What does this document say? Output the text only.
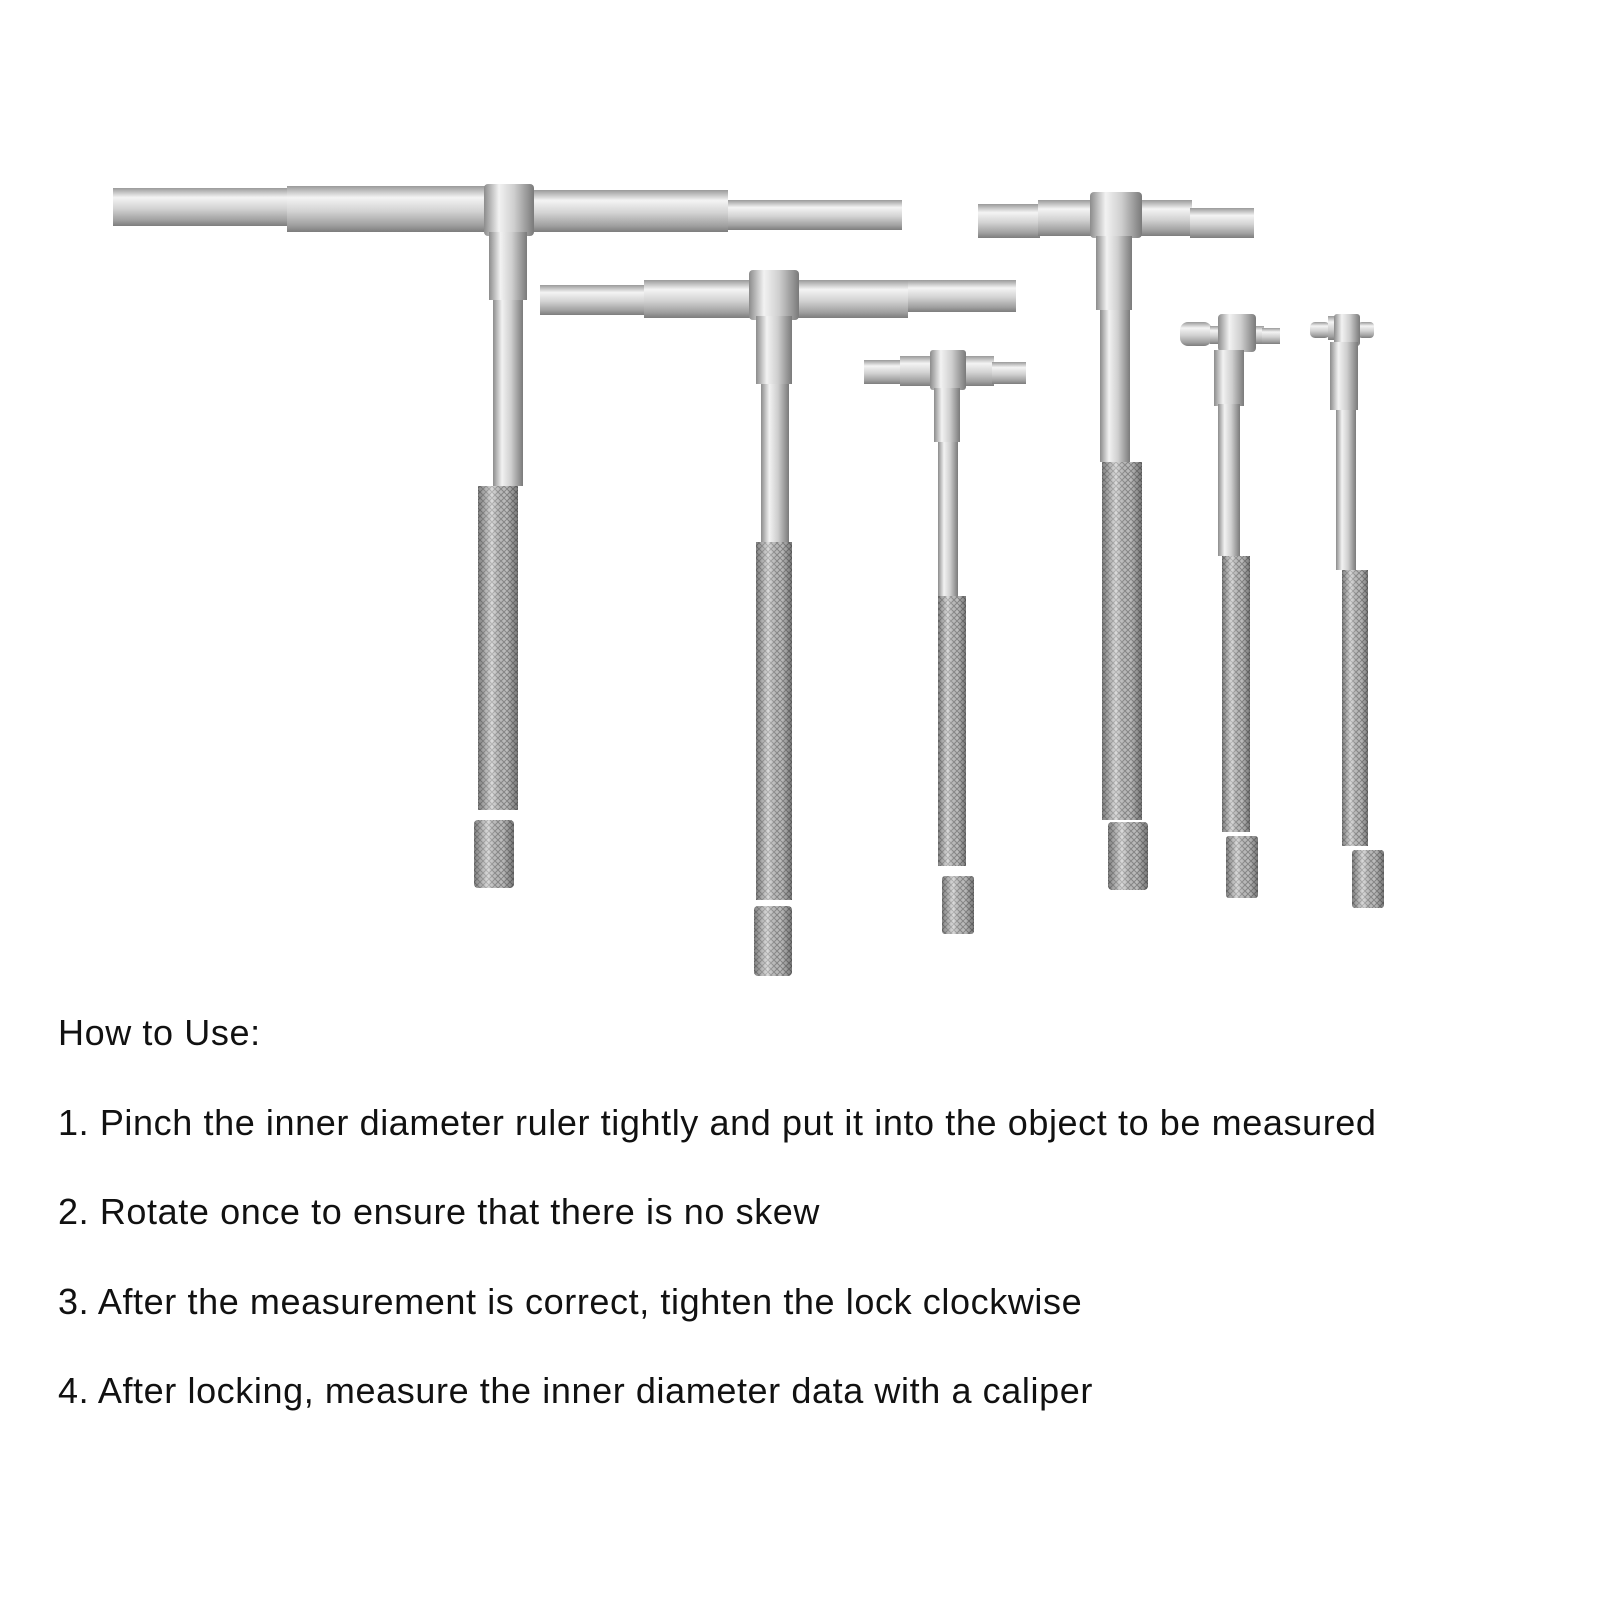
How to Use:
1. Pinch the inner diameter ruler tightly and put it into the object to be measured
2. Rotate once to ensure that there is no skew
3. After the measurement is correct, tighten the lock clockwise
4. After locking, measure the inner diameter data with a caliper
